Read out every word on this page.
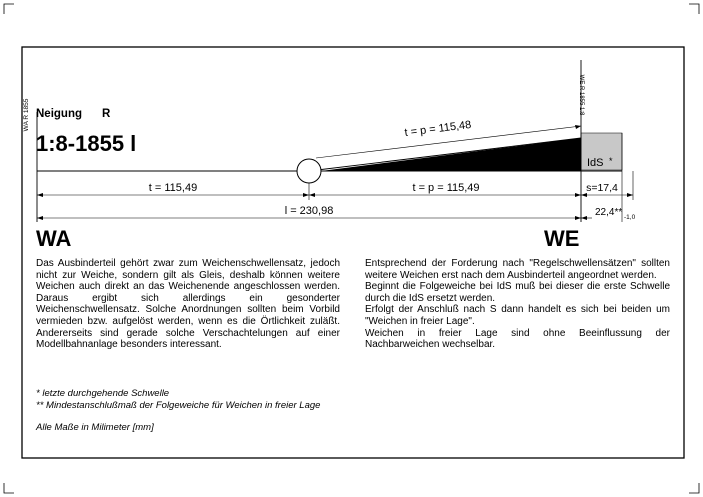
WE R 1855 1:8
WA R 1855	t = p = 115,48
t = 115,49	t = p = 115,49	s=17,4
l = 230,98
IdS *
22,4** -1,0
Neigung R
1:8-1855 l
WA	WE

Das Ausbinderteil gehört zwar zum Weichenschwellensatz, jedoch nicht zur Weiche, sondern gilt als Gleis, deshalb können weitere Weichen auch direkt an das Weichenende angeschlossen werden. Daraus ergibt sich allerdings ein gesonderter Weichenschwellensatz. Solche Anordnungen sollten beim Vorbild vermieden bzw. aufgelöst werden, wenn es die Örtlichkeit zuläßt. Andererseits sind gerade solche Verschachtelungen auf einer Modellbahnanlage besonders interessant.

Entsprechend der Forderung nach "Regelschwellensätzen" sollten weitere Weichen erst nach dem Ausbinderteil angeordnet werden.

Beginnt die Folgeweiche bei IdS muß bei dieser die erste Schwelle durch die IdS ersetzt werden.

Erfolgt der Anschluß nach S dann handelt es sich bei beiden um "Weichen in freier Lage".

Weichen in freier Lage sind ohne Beeinflussung der Nachbarweichen wechselbar.

* letzte durchgehende Schwelle
** Mindestanschlußmaß der Folgeweiche für Weichen in freier Lage
Alle Maße in Milimeter [mm]
